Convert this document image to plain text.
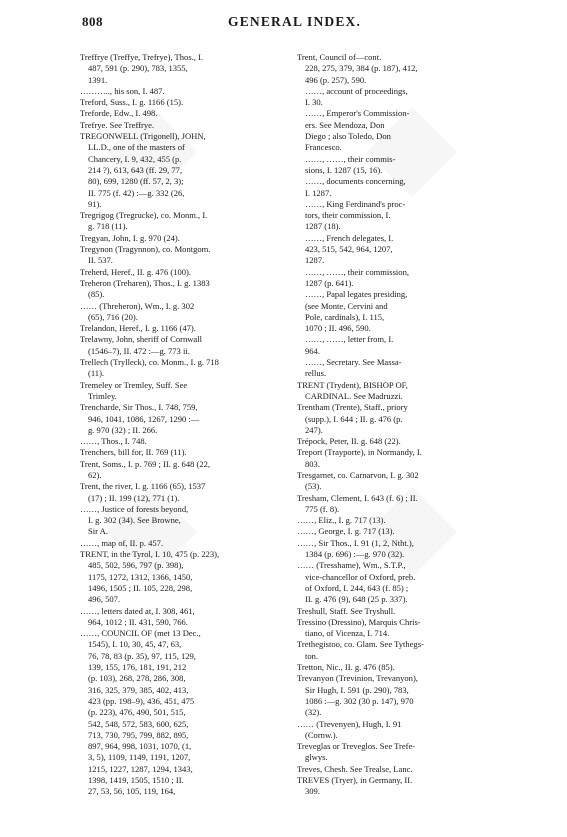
808	GENERAL INDEX.
Treffrye (Treffye, Trefrye), Thos., I.
487, 591 (p. 290), 783, 1355,
1391.
……….., his son, I. 487.
Treford, Suss., I. g. 1166 (15).
Treforde, Edw., I. 498.
Trefrye. See Treffrye.
TREGONWELL (Trigonell), JOHN,
LL.D., one of the masters of
Chancery, I. 9, 432, 455 (p.
214 ?), 613, 643 (ff. 29, 77,
80), 699, 1280 (ff. 57, 2, 3);
II. 775 (f. 42) :—g. 332 (26,
91).
Tregrigog (Tregrucke), co. Monm., I.
g. 718 (11).
Tregyan, John, I. g. 970 (24).
Tregynon (Tragynnon), co. Montgom.
II. 537.
Treherd, Heref., II. g. 476 (100).
Treheron (Treharen), Thos., I. g. 1383
(85).
…… (Threheron), Wm., I. g. 302
(65), 716 (20).
Trelandon, Heref., I. g. 1166 (47).
Trelawny, John, sheriff of Cornwall
(1546–7), II. 472 :—g. 773 ii.
Trellech (Trylleck), co. Monm., I. g. 718
(11).
Tremeley or Tremley, Suff. See
Trimley.
Trencharde, Sir Thos., I. 748, 759,
946, 1041, 1086, 1267, 1290 :—
g. 970 (32) ; II. 266.
……, Thos., I. 748.
Trenchers, bill for, II. 769 (11).
Trent, Soms., I. p. 769 ; II. g. 648 (22,
62).
Trent, the river, I. g. 1166 (65), 1537
(17) ; II. 199 (12), 771 (1).
……, Justice of forests beyond,
I. g. 302 (34). See Browne,
Sir A.
……, map of, II. p. 457.
TRENT, in the Tyrol, I. 10, 475 (p. 223),
485, 502, 596, 797 (p. 398),
1175, 1272, 1312, 1366, 1450,
1496, 1505 ; II. 105, 228, 298,
496, 507.
……, letters dated at, I. 308, 461,
964, 1012 ; II. 431, 590, 766.
……, COUNCIL OF (met 13 Dec.,
1545), I. 10, 30, 45, 47, 63,
76, 78, 83 (p. 35), 97, 115, 129,
139, 155, 176, 181, 191, 212
(p. 103), 268, 278, 286, 308,
316, 325, 379, 385, 402, 413,
423 (pp. 198–9), 436, 451, 475
(p. 223), 476, 490, 501, 515,
542, 548, 572, 583, 600, 625,
713, 730, 795, 799, 882, 895,
897, 964, 998, 1031, 1070, (1,
3, 5), 1109, 1149, 1191, 1207,
1215, 1227, 1287, 1294, 1343,
1398, 1419, 1505, 1510 ; II.
27, 53, 56, 105, 119, 164,
Trent, Council of—cont.
228, 275, 379, 384 (p. 187), 412,
496 (p. 257), 590.
……, account of proceedings,
I. 30.
……, Emperor's Commission-
ers. See Mendoza, Don
Diego ; also Toledo, Don
Francesco.
……, ……, their commis-
sions, I. 1287 (15, 16).
……, documents concerning,
I. 1287.
……, King Ferdinand's proc-
tors, their commission, I.
1287 (18).
……, French delegates, I.
423, 515, 542, 964, 1207,
1287.
……, ……, their commission,
1287 (p. 641).
……, Papal legates presiding,
(see Monte, Cervini and
Pole, cardinals), I. 115,
1070 ; II. 496, 590.
……, ……, letter from, I.
964.
……, Secretary. See Massa-
rellus.
TRENT (Trydent), BISHOP OF,
CARDINAL. See Madruzzi.
Trentham (Trente), Staff., priory
(supp.), I. 644 ; II. g. 476 (p.
247).
Trépock, Peter, II. g. 648 (22).
Treport (Trayporte), in Normandy, I.
803.
Tresgarnet, co. Carnarvon, I. g. 302
(53).
Tresham, Clement, I. 643 (f. 6) ; II.
775 (f. 8).
……, Eliz., I. g. 717 (13).
……, George, I. g. 717 (13).
……, Sir Thos., I. 91 (1, 2, Ntht.),
1384 (p. 696) :—g. 970 (32).
…… (Tresshame), Wm., S.T.P.,
vice-chancellor of Oxford, preb.
of Oxford, I. 244, 643 (f. 85) ;
II. g. 476 (9), 648 (25 p. 337).
Treshull, Staff. See Tryshull.
Tressino (Dressino), Marquis Chris-
tiano, of Vicenza, I. 714.
Trethegistoo, co. Glam. See Tythegs-
ton.
Tretton, Nic., II. g. 476 (85).
Trevanyon (Trevinion, Trevanyon),
Sir Hugh, I. 591 (p. 290), 783,
1086 :—g. 302 (30 p. 147), 970
(32).
…… (Trevenyen), Hugh, I. 91
(Cornw.).
Treveglas or Treveglos. See Trefe-
glwys.
Treves, Chesh. See Trealse, Lanc.
TREVES (Tryer), in Germany, II.
309.
